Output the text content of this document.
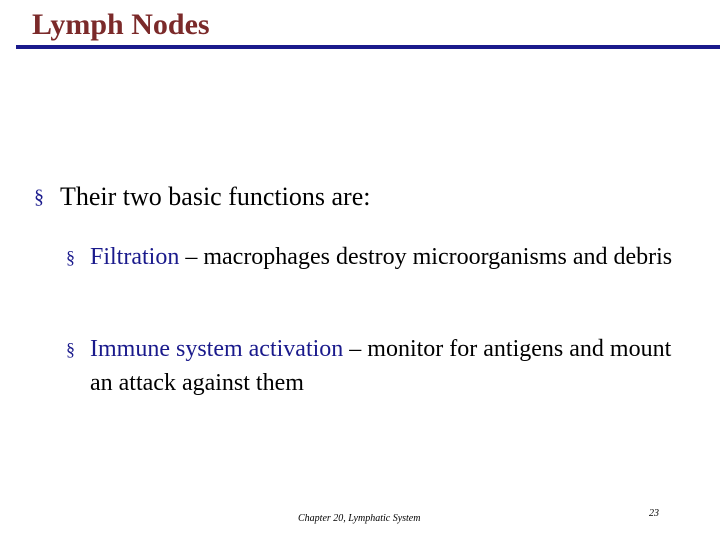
Lymph Nodes
§ Their two basic functions are:
§ Filtration – macrophages destroy microorganisms and debris
§ Immune system activation – monitor for antigens and mount an attack against them
Chapter 20, Lymphatic System	23
